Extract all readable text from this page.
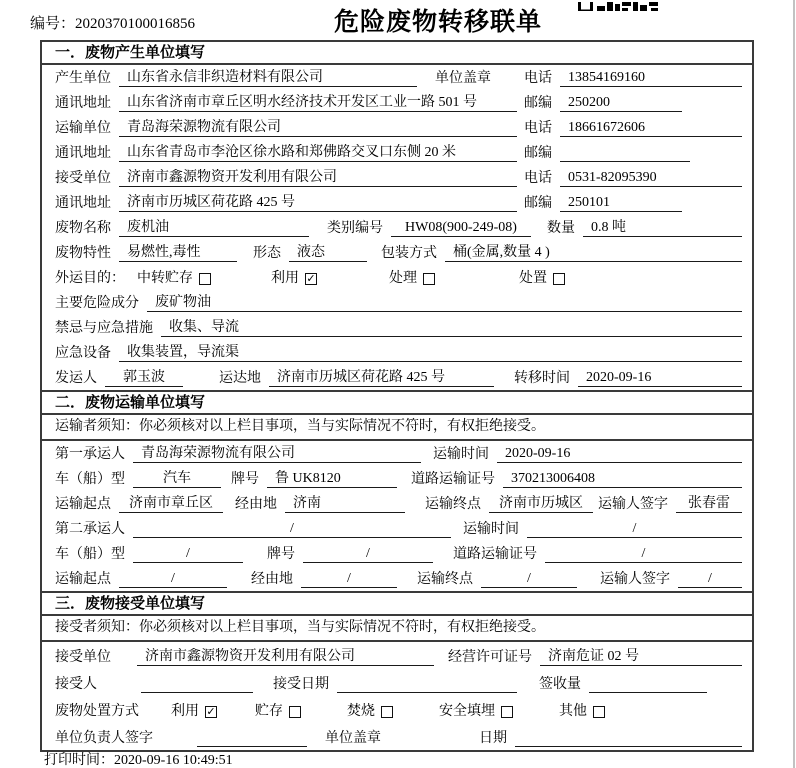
编号：2020370100016856	危险废物转移联单
一．废物产生单位填写
产生单位	山东省永信非织造材料有限公司	单位盖章 电话	13854169160
通讯地址	山东省济南市章丘区明水经济技术开发区工业一路 501 号	邮编	250200
运输单位	青岛海荣源物流有限公司	电话	18661672606
通讯地址	山东省青岛市李沧区徐水路和郑佛路交叉口东侧 20 米	邮编
接受单位	济南市鑫源物资开发利用有限公司	电话	0531-82095390
通讯地址	济南市历城区荷花路 425 号	邮编	250101
废物名称	废机油	类别编号	HW08(900-249-08)	数量	0.8 吨
废物特性	易燃性,毒性	形态	液态	包装方式	桶(金属,数量 4 )
外运目的： 中转贮存	利用 ✓	处理	处置
主要危险成分	废矿物油
禁忌与应急措施	收集、导流
应急设备	收集装置，导流渠
发运人	郭玉波	运达地	济南市历城区荷花路 425 号	转移时间	2020-09-16
二．废物运输单位填写
运输者须知：你必须核对以上栏目事项，当与实际情况不符时，有权拒绝接受。
第一承运人	青岛海荣源物流有限公司	运输时间	2020-09-16
车（船）型	汽车	牌号	鲁 UK8120	道路运输证号	370213006408
运输起点	济南市章丘区	经由地	济南	运输终点	济南市历城区	运输人签字	张春雷
第二承运人	/	运输时间	/
车（船）型	/	牌号	/	道路运输证号	/
运输起点	/	经由地	/	运输终点	/	运输人签字	/
三．废物接受单位填写
接受者须知：你必须核对以上栏目事项，当与实际情况不符时，有权拒绝接受。
接受单位	济南市鑫源物资开发利用有限公司	经营许可证号	济南危证 02 号
接受人	接受日期	签收量
废物处置方式 利用 ✓	贮存	焚烧	安全填埋	其他
单位负责人签字	单位盖章	日期
打印时间：2020-09-16 10:49:51
